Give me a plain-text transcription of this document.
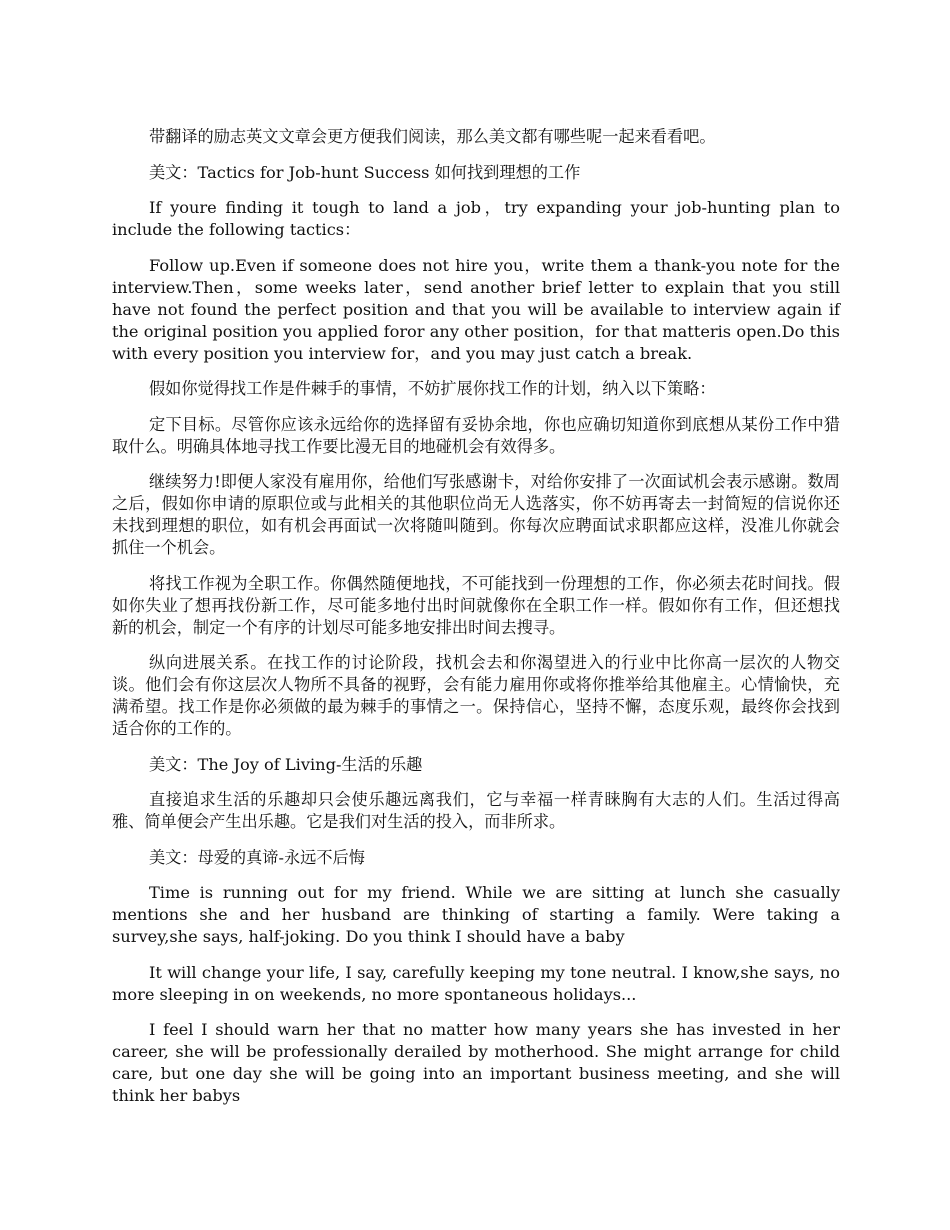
带翻译的励志英文文章会更方便我们阅读，那么美文都有哪些呢一起来看看吧。

美文：Tactics for Job-hunt Success 如何找到理想的工作

If youre finding it tough to land a job，try expanding your job-hunting plan to include the following tactics：

Follow up.Even if someone does not hire you，write them a thank-you note for the interview.Then，some weeks later，send another brief letter to explain that you still have not found the perfect position and that you will be available to interview again if the original position you applied foror any other position，for that matteris open.Do this with every position you interview for，and you may just catch a break.

假如你觉得找工作是件棘手的事情，不妨扩展你找工作的计划，纳入以下策略：

定下目标。尽管你应该永远给你的选择留有妥协余地，你也应确切知道你到底想从某份工作中猎取什么。明确具体地寻找工作要比漫无目的地碰机会有效得多。

继续努力!即便人家没有雇用你，给他们写张感谢卡，对给你安排了一次面试机会表示感谢。数周之后，假如你申请的原职位或与此相关的其他职位尚无人选落实，你不妨再寄去一封简短的信说你还未找到理想的职位，如有机会再面试一次将随叫随到。你每次应聘面试求职都应这样，没准儿你就会抓住一个机会。

将找工作视为全职工作。你偶然随便地找，不可能找到一份理想的工作，你必须去花时间找。假如你失业了想再找份新工作，尽可能多地付出时间就像你在全职工作一样。假如你有工作，但还想找新的机会，制定一个有序的计划尽可能多地安排出时间去搜寻。

纵向进展关系。在找工作的讨论阶段，找机会去和你渴望进入的行业中比你高一层次的人物交谈。他们会有你这层次人物所不具备的视野，会有能力雇用你或将你推举给其他雇主。心情愉快，充满希望。找工作是你必须做的最为棘手的事情之一。保持信心，坚持不懈，态度乐观，最终你会找到适合你的工作的。

美文：The Joy of Living-生活的乐趣

直接追求生活的乐趣却只会使乐趣远离我们，它与幸福一样青睐胸有大志的人们。生活过得高雅、简单便会产生出乐趣。它是我们对生活的投入，而非所求。

美文：母爱的真谛-永远不后悔

Time is running out for my friend. While we are sitting at lunch she casually mentions she and her husband are thinking of starting a family. Were taking a survey,she says, half-joking. Do you think I should have a baby

It will change your life, I say, carefully keeping my tone neutral. I know,she says, no more sleeping in on weekends, no more spontaneous holidays...

I feel I should warn her that no matter how many years she has invested in her career, she will be professionally derailed by motherhood. She might arrange for child care, but one day she will be going into an important business meeting, and she will think her babys
